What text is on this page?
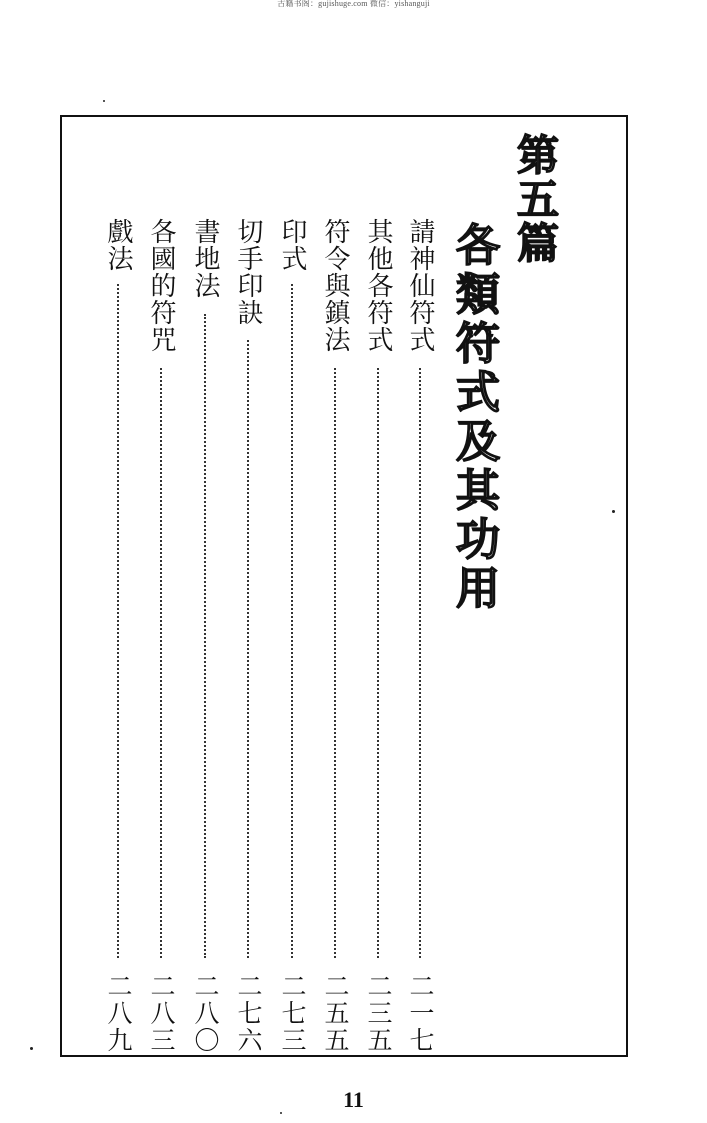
古籍书阁：gujishuge.com 微信：yishanguji
第五篇
各類符式及其功用
請神仙符式
二一七
其他各符式
二三五
符令與鎮法
二五五
印式
二七三
切手印訣
二七六
書地法
二八〇
各國的符咒
二八三
戲法
二八九
11
